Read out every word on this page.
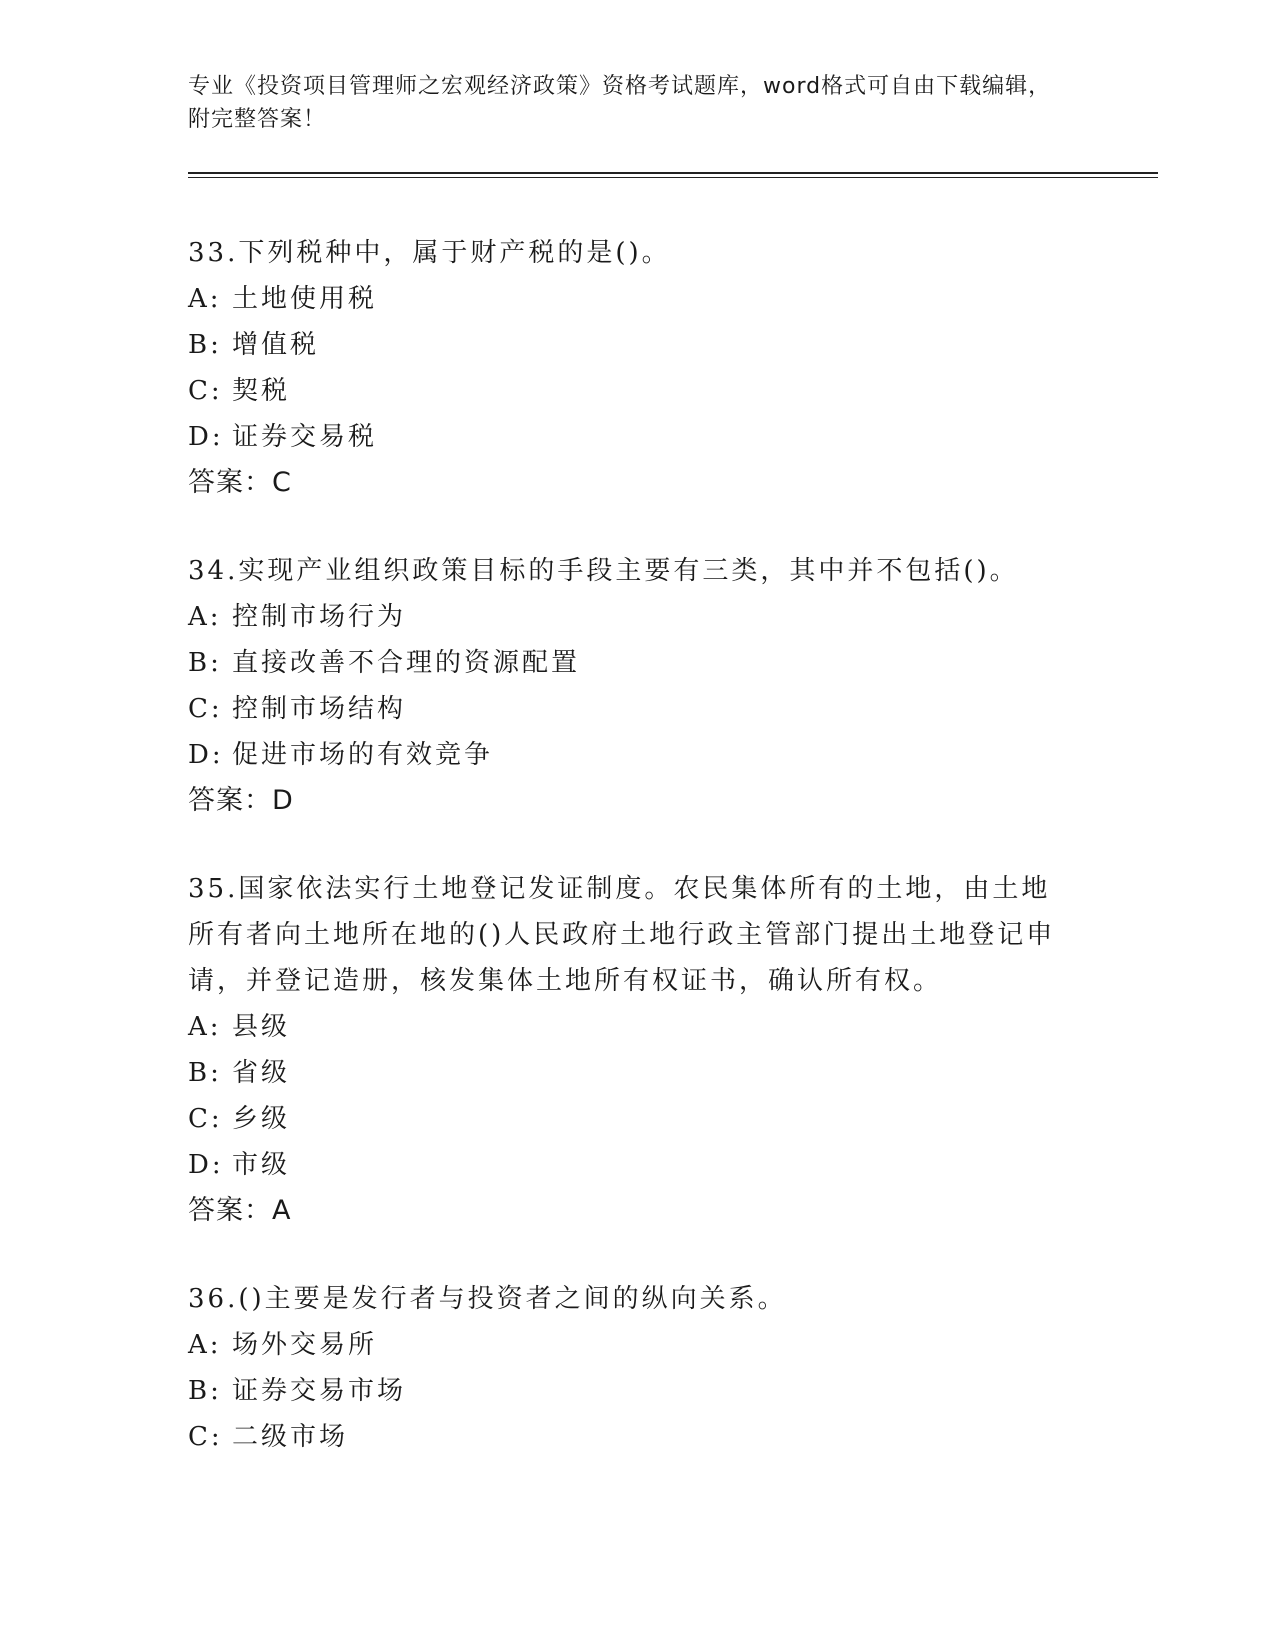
专业《投资项目管理师之宏观经济政策》资格考试题库，word格式可自由下载编辑，附完整答案！

33.下列税种中，属于财产税的是()。

A: 土地使用税
B: 增值税
C: 契税
D: 证券交易税
答案：C

34.实现产业组织政策目标的手段主要有三类，其中并不包括()。

A: 控制市场行为
B: 直接改善不合理的资源配置
C: 控制市场结构
D: 促进市场的有效竞争
答案：D

35.国家依法实行土地登记发证制度。农民集体所有的土地，由土地所有者向土地所在地的()人民政府土地行政主管部门提出土地登记申请，并登记造册，核发集体土地所有权证书，确认所有权。

A: 县级
B: 省级
C: 乡级
D: 市级
答案：A

36.()主要是发行者与投资者之间的纵向关系。

A: 场外交易所
B: 证券交易市场
C: 二级市场
